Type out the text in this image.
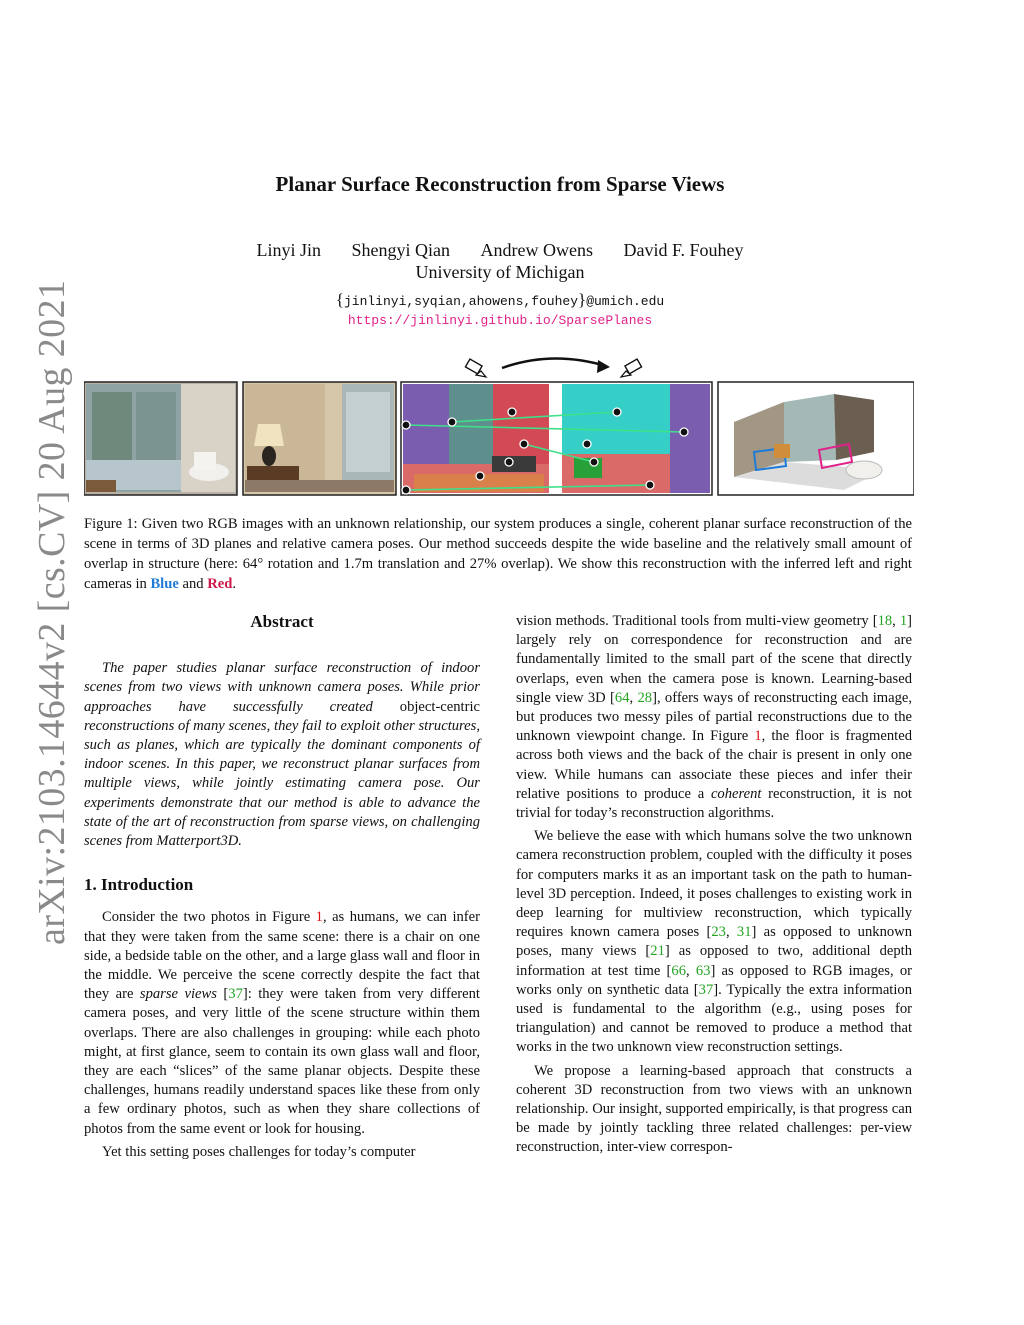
arXiv:2103.14644v2 [cs.CV] 20 Aug 2021
Planar Surface Reconstruction from Sparse Views
Linyi Jin Shengyi Qian Andrew Owens David F. Fouhey
University of Michigan
{jinlinyi,syqian,ahowens,fouhey}@umich.edu
https://jinlinyi.github.io/SparsePlanes
Figure 1: Given two RGB images with an unknown relationship, our system produces a single, coherent planar surface reconstruction of the scene in terms of 3D planes and relative camera poses. Our method succeeds despite the wide baseline and the relatively small amount of overlap in structure (here: 64° rotation and 1.7m translation and 27% overlap). We show this reconstruction with the inferred left and right cameras in Blue and Red.
Abstract

The paper studies planar surface reconstruction of indoor scenes from two views with unknown camera poses. While prior approaches have successfully created object-centric reconstructions of many scenes, they fail to exploit other structures, such as planes, which are typically the dominant components of indoor scenes. In this paper, we reconstruct planar surfaces from multiple views, while jointly estimating camera pose. Our experiments demonstrate that our method is able to advance the state of the art of reconstruction from sparse views, on challenging scenes from Matterport3D.

1. Introduction

Consider the two photos in Figure 1, as humans, we can infer that they were taken from the same scene: there is a chair on one side, a bedside table on the other, and a large glass wall and floor in the middle. We perceive the scene correctly despite the fact that they are sparse views [37]: they were taken from very different camera poses, and very little of the scene structure within them overlaps. There are also challenges in grouping: while each photo might, at first glance, seem to contain its own glass wall and floor, they are each “slices” of the same planar objects. Despite these challenges, humans readily understand spaces like these from only a few ordinary photos, such as when they share collections of photos from the same event or look for housing.

Yet this setting poses challenges for today’s computer

vision methods. Traditional tools from multi-view geometry [18, 1] largely rely on correspondence for reconstruction and are fundamentally limited to the small part of the scene that directly overlaps, even when the camera pose is known. Learning-based single view 3D [64, 28], offers ways of reconstructing each image, but produces two messy piles of partial reconstructions due to the unknown viewpoint change. In Figure 1, the floor is fragmented across both views and the back of the chair is present in only one view. While humans can associate these pieces and infer their relative positions to produce a coherent reconstruction, it is not trivial for today’s reconstruction algorithms.

We believe the ease with which humans solve the two unknown camera reconstruction problem, coupled with the difficulty it poses for computers marks it as an important task on the path to human-level 3D perception. Indeed, it poses challenges to existing work in deep learning for multiview reconstruction, which typically requires known camera poses [23, 31] as opposed to unknown poses, many views [21] as opposed to two, additional depth information at test time [66, 63] as opposed to RGB images, or works only on synthetic data [37]. Typically the extra information used is fundamental to the algorithm (e.g., using poses for triangulation) and cannot be removed to produce a method that works in the two unknown view reconstruction settings.

We propose a learning-based approach that constructs a coherent 3D reconstruction from two views with an unknown relationship. Our insight, supported empirically, is that progress can be made by jointly tackling three related challenges: per-view reconstruction, inter-view correspon-
